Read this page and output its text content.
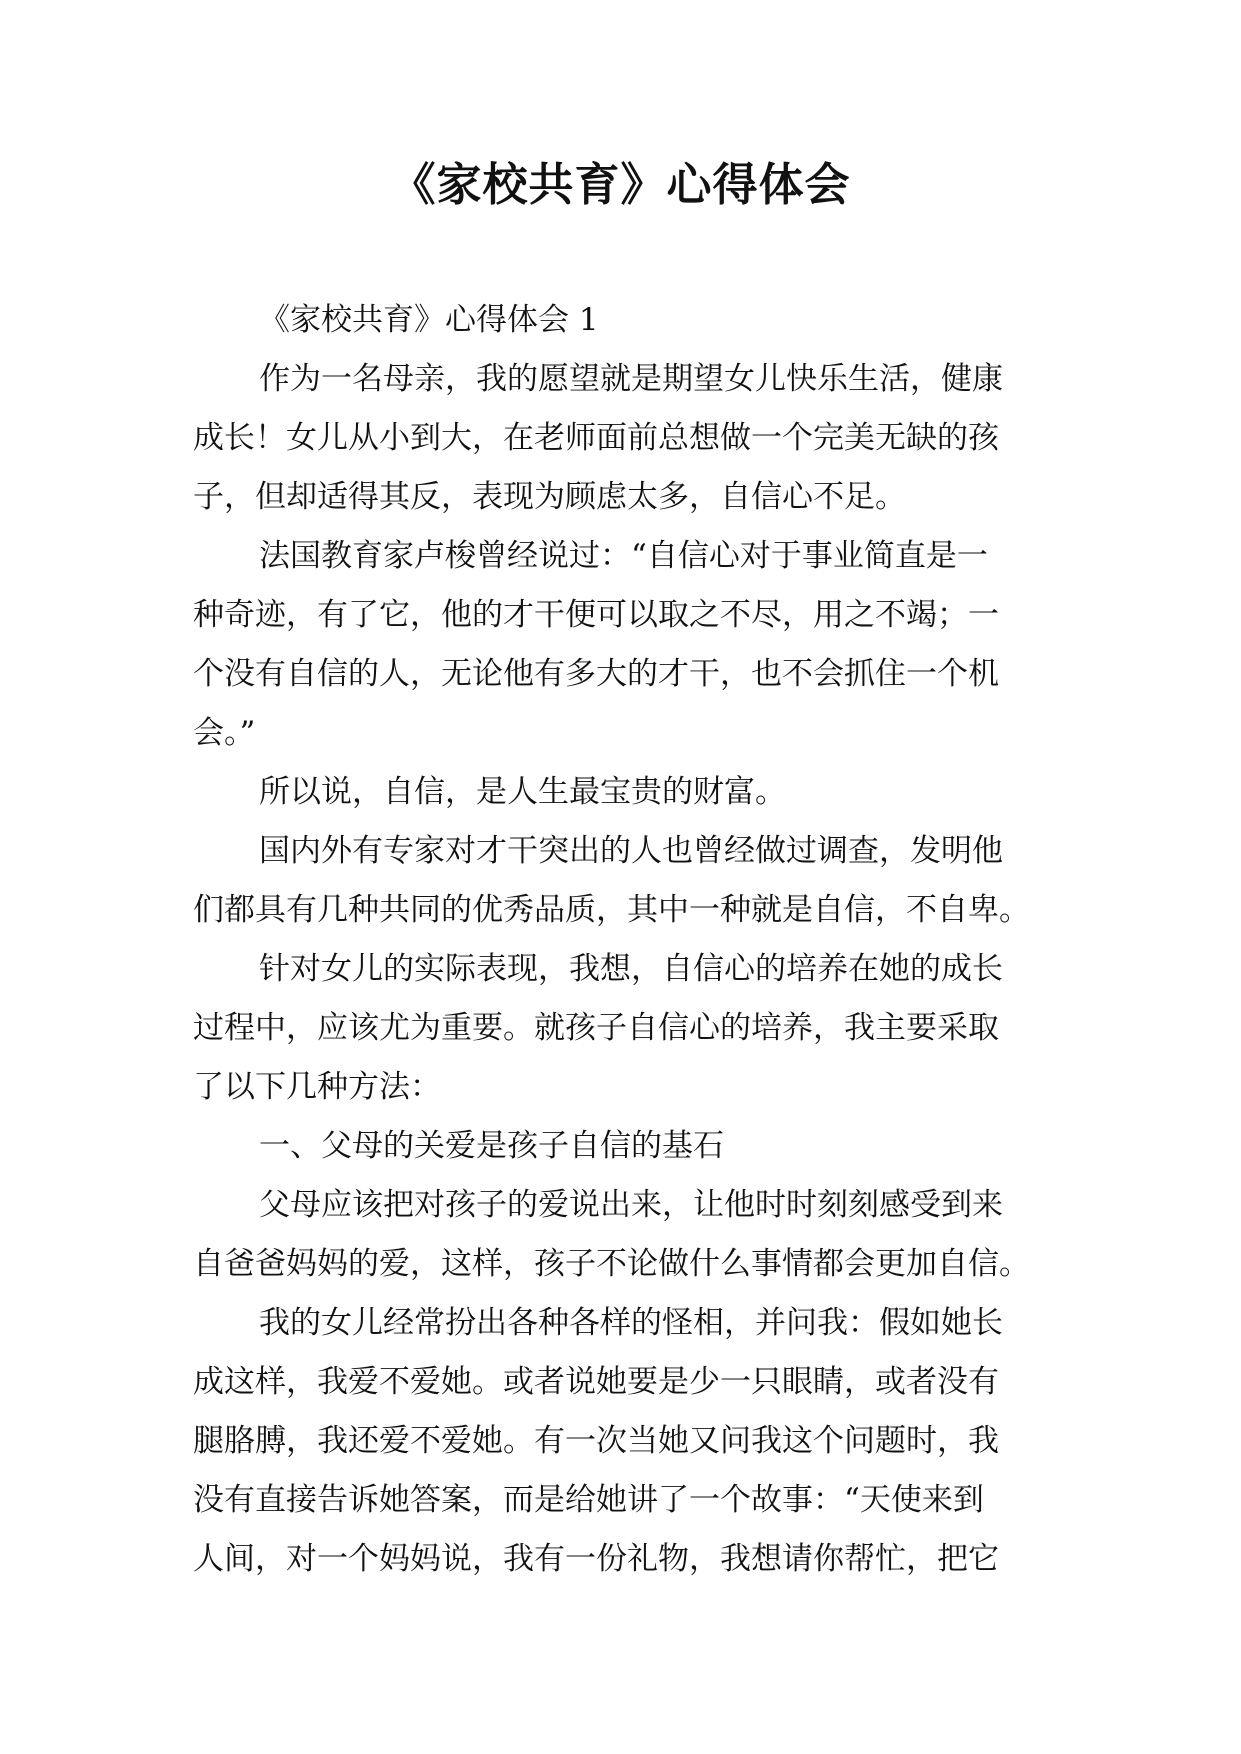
《家校共育》心得体会
《家校共育》心得体会 1
作为一名母亲，我的愿望就是期望女儿快乐生活，健康
成长！女儿从小到大，在老师面前总想做一个完美无缺的孩
子，但却适得其反，表现为顾虑太多，自信心不足。
法国教育家卢梭曾经说过：“自信心对于事业简直是一
种奇迹，有了它，他的才干便可以取之不尽，用之不竭；一
个没有自信的人，无论他有多大的才干，也不会抓住一个机
会。”
所以说，自信，是人生最宝贵的财富。
国内外有专家对才干突出的人也曾经做过调查，发明他
们都具有几种共同的优秀品质，其中一种就是自信，不自卑。
针对女儿的实际表现，我想，自信心的培养在她的成长
过程中，应该尤为重要。就孩子自信心的培养，我主要采取
了以下几种方法：
一、父母的关爱是孩子自信的基石
父母应该把对孩子的爱说出来，让他时时刻刻感受到来
自爸爸妈妈的爱，这样，孩子不论做什么事情都会更加自信。
我的女儿经常扮出各种各样的怪相，并问我：假如她长
成这样，我爱不爱她。或者说她要是少一只眼睛，或者没有
腿胳膊，我还爱不爱她。有一次当她又问我这个问题时，我
没有直接告诉她答案，而是给她讲了一个故事：“天使来到
人间，对一个妈妈说，我有一份礼物，我想请你帮忙，把它
